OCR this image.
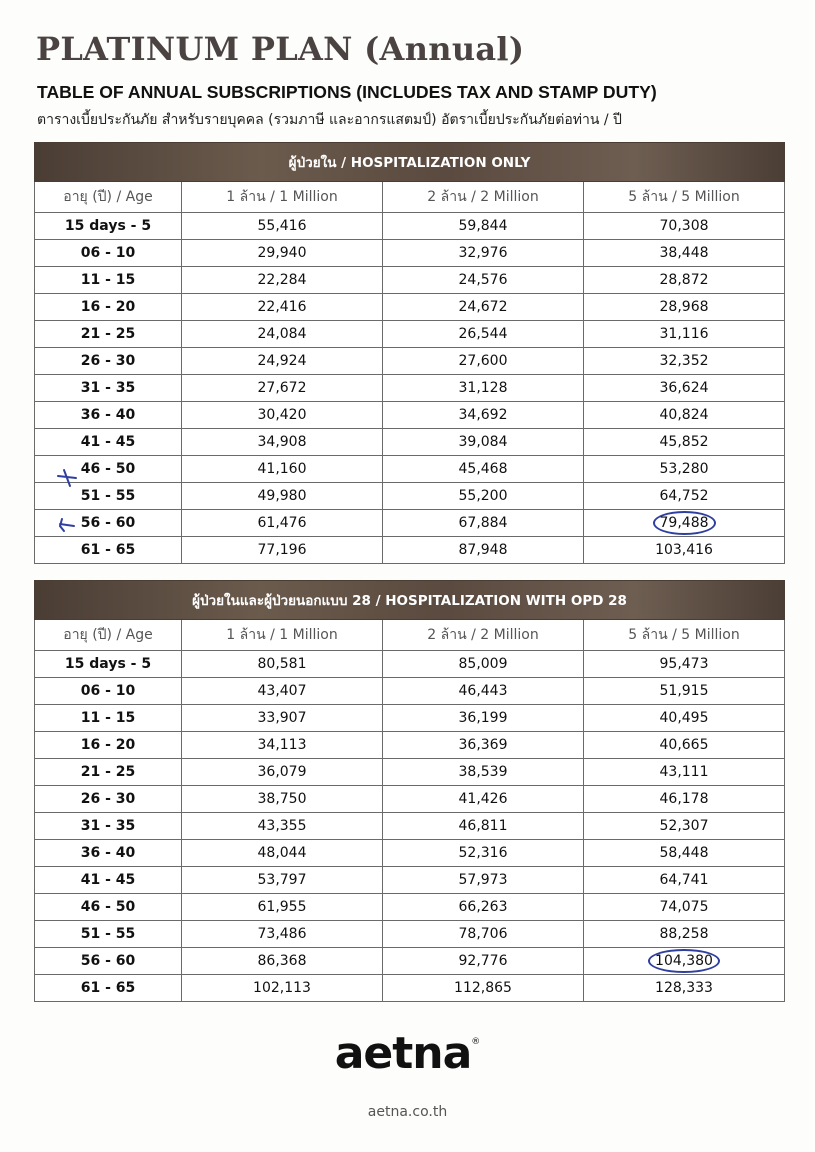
PLATINUM PLAN (Annual)
TABLE OF ANNUAL SUBSCRIPTIONS (INCLUDES TAX AND STAMP DUTY)
ตารางเบี้ยประกันภัย สำหรับรายบุคคล (รวมภาษี และอากรแสตมป์) อัตราเบี้ยประกันภัยต่อท่าน / ปี
ผู้ป่วยใน / HOSPITALIZATION ONLY			
อายุ (ปี) / Age	1 ล้าน / 1 Million	2 ล้าน / 2 Million	5 ล้าน / 5 Million
15 days - 5	55,416	59,844	70,308
06 - 10	29,940	32,976	38,448
11 - 15	22,284	24,576	28,872
16 - 20	22,416	24,672	28,968
21 - 25	24,084	26,544	31,116
26 - 30	24,924	27,600	32,352
31 - 35	27,672	31,128	36,624
36 - 40	30,420	34,692	40,824
41 - 45	34,908	39,084	45,852
46 - 50	41,160	45,468	53,280
51 - 55	49,980	55,200	64,752
56 - 60	61,476	67,884	79,488
61 - 65	77,196	87,948	103,416
ผู้ป่วยในและผู้ป่วยนอกแบบ 28 / HOSPITALIZATION WITH OPD 28			
อายุ (ปี) / Age	1 ล้าน / 1 Million	2 ล้าน / 2 Million	5 ล้าน / 5 Million
15 days - 5	80,581	85,009	95,473
06 - 10	43,407	46,443	51,915
11 - 15	33,907	36,199	40,495
16 - 20	34,113	36,369	40,665
21 - 25	36,079	38,539	43,111
26 - 30	38,750	41,426	46,178
31 - 35	43,355	46,811	52,307
36 - 40	48,044	52,316	58,448
41 - 45	53,797	57,973	64,741
46 - 50	61,955	66,263	74,075
51 - 55	73,486	78,706	88,258
56 - 60	86,368	92,776	104,380
61 - 65	102,113	112,865	128,333
aetna®
aetna.co.th
